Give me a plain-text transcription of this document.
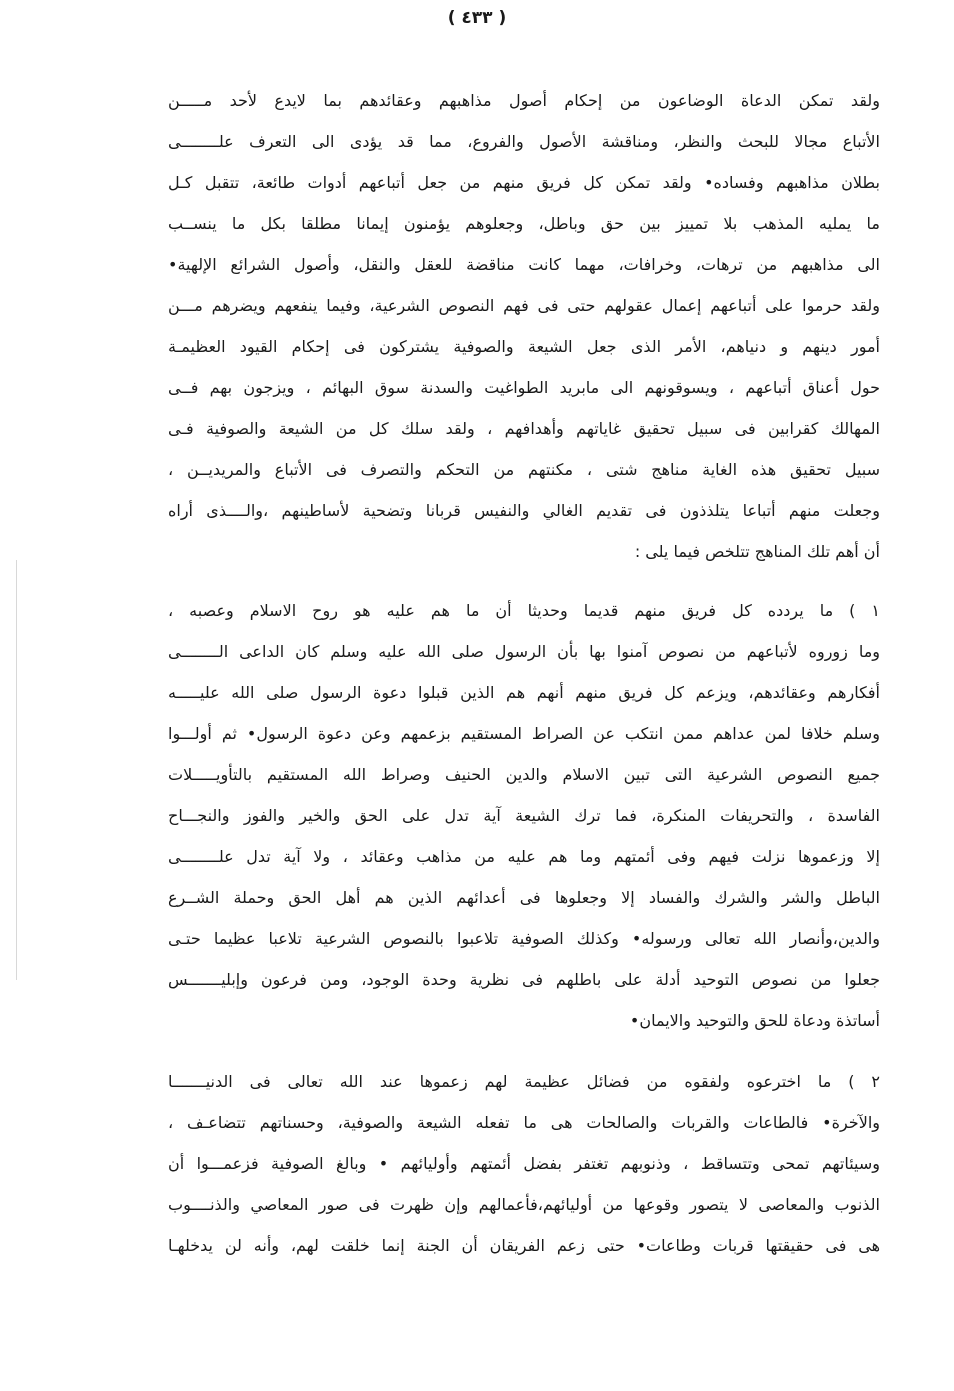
( ٤٣٣ )
ولقد تمكن الدعاة الوضاعون من إحكام أصول مذاهبهم وعقائدهم بما لايدع لأحد مـــــن
الأتباع مجالا للبحث والنظر، ومناقشة الأصول والفروع، مما قد يؤدى الى التعرف علــــــــى
بطلان مذاهبهم وفساده• ولقد تمكن كل فريق منهم من جعل أتباعهم أدوات طائعة، تتقبل كـل
ما يمليه المذهب بلا تمييز بين حق وباطل، وجعلوهم يؤمنون إيمانا مطلقا بكل ما ينســب
الى مذاهبهم من ترهات، وخرافات، مهما كانت مناقضة للعقل والنقل، وأصول الشرائع الإلهية•
ولقد حرموا على أتباعهم إعمال عقولهم حتى فى فهم النصوص الشرعية، وفيما ينفعهم ويضرهم مـــن
أمور دينهم و دنياهم، الأمر الذى جعل الشيعة والصوفية يشتركون فى إحكام القيود العظيمـة
حول أعناق أتباعهم ، ويسوقونهم الى مابريد الطواغيت والسدنة سوق البهائم ، ويزجون بهم فــى
المهالك كقرابين فى سبيل تحقيق غاياتهم وأهدافهم ، ولقد سلك كل من الشيعة والصوفية فـى
سبيل تحقيق هذه الغاية مناهج شتى ، مكنتهم من التحكم والتصرف فى الأتباع والمريديــن ،
وجعلت منهم أتباعا يتلذذون فى تقديم الغالي والنفيس قربانا وتضحية لأساطينهم ،والــــذى أراه
أن أهم تلك المناهج تتلخص فيما يلى :
١ ) ما يردده كل فريق منهم قديما وحديثا أن ما هم عليه هو روح الاسلام وعصبه ،
وما زوروه لأتباعهم من نصوص آمنوا بها بأن الرسول صلى الله عليه وسلم كان الداعى الــــــــى
أفكارهم وعقائدهم، ويزعم كل فريق منهم أنهم هم الذين قبلوا دعوة الرسول صلى الله عليـــــه
وسلم خلافا لمن عداهم ممن انتكب عن الصراط المستقيم بزعمهم وعن دعوة الرسول• ثم أولـــوا
جميع النصوص الشرعية التى تبين الاسلام والدين الحنيف وصراط الله المستقيم بالتأويـــــلات
الفاسدة ، والتحريفات المنكرة، فما ترك الشيعة آية تدل على الحق والخير والفوز والنجـــاح
إلا وزعموها نزلت فيهم وفى أئمتهم وما هم عليه من مذاهب وعقائد ، ولا آية تدل علــــــــى
الباطل والشر والشرك والفساد إلا وجعلوها فى أعدائهم الذين هم أهل الحق وحملة الشــرع
والدين،وأنصار الله تعالى ورسوله• وكذلك الصوفية تلاعبوا بالنصوص الشرعية تلاعبا عظيما حتـى
جعلوا من نصوص التوحيد أدلة على باطلهم فى نظرية وحدة الوجود، ومن فرعون وإبليـــــــس
أساتذة ودعاة للحق والتوحيد والايمان•
٢ ) ما اخترعوه ولفقوه من فضائل عظيمة لهم زعموها عند الله تعالى فى الدنيـــــــا
والآخرة• فالطاعات والقربات والصالحات هى ما تفعله الشيعة والصوفية، وحسناتهم تتضاعـف ،
وسيئاتهم تمحى وتتساقط ، وذنوبهم تغتفر بفضل أئمتهم وأوليائهم • وبالغ الصوفية فزعمـــوا أن
الذنوب والمعاصى لا يتصور وقوعها من أوليائهم،فأعمالهم وإن ظهرت فى صور المعاصي والذنــــوب
هى فى حقيقتها قربات وطاعات• حتى زعم الفريقان أن الجنة إنما خلقت لهم، وأنه لن يدخلهـا
